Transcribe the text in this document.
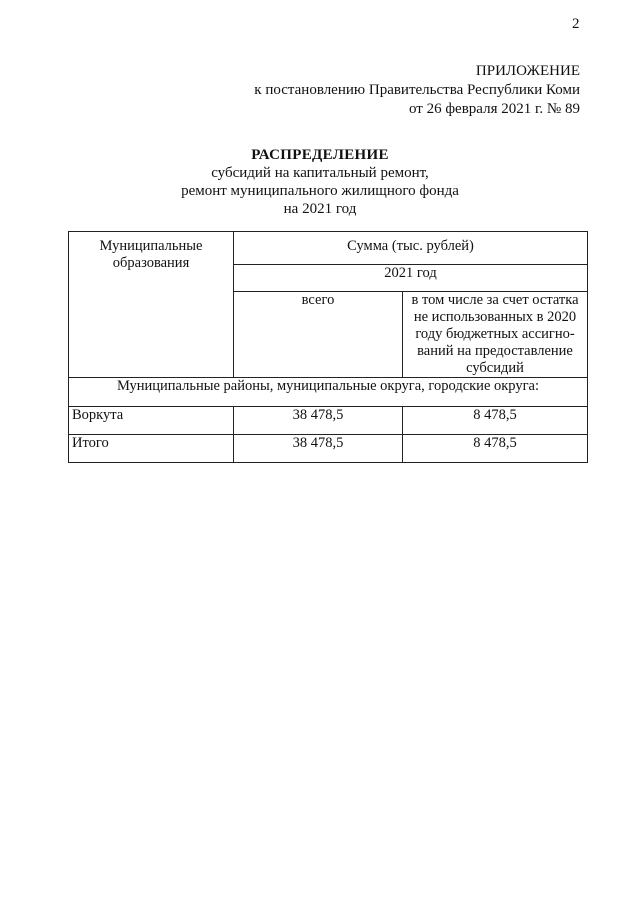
2
ПРИЛОЖЕНИЕ
к постановлению Правительства Республики Коми
от 26 февраля 2021 г. № 89
РАСПРЕДЕЛЕНИЕ
субсидий на капитальный ремонт,
ремонт муниципального жилищного фонда
на 2021 год
Муниципальные образования	Сумма (тыс. рублей)	
	2021 год	
	всего	в том числе за счет остатка не использованных в 2020 году бюджетных ассигно-ваний на предоставление субсидий
Муниципальные районы, муниципальные округа, городские округа:		
Воркута	38 478,5	8 478,5
Итого	38 478,5	8 478,5
